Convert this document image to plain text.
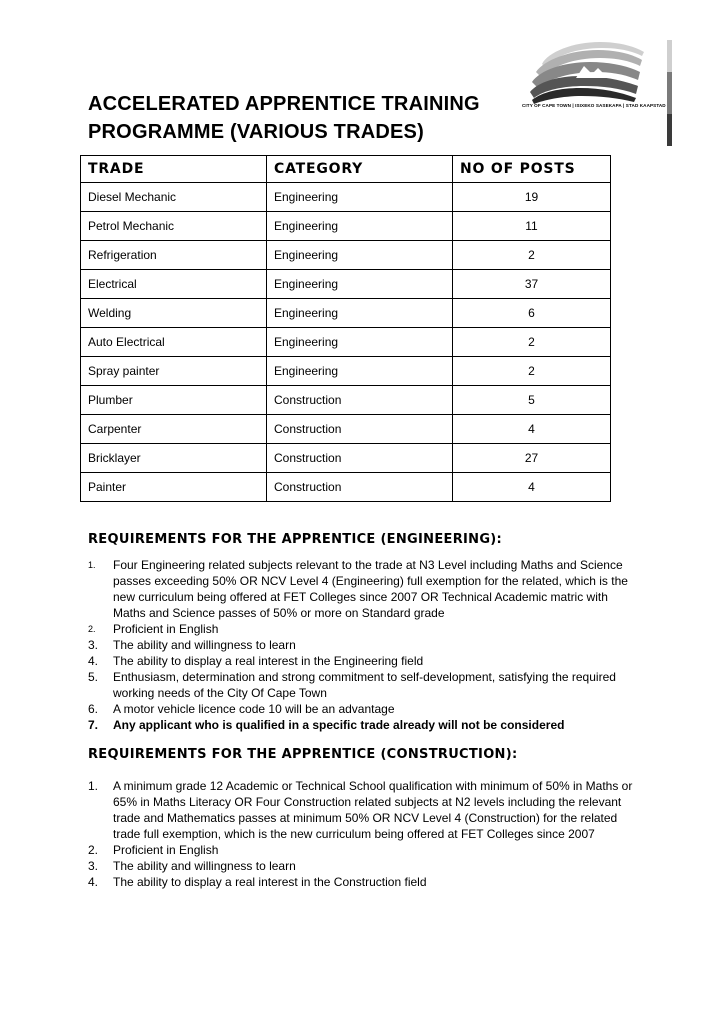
ACCELERATED APPRENTICE TRAINING
PROGRAMME (VARIOUS TRADES)
CITY OF CAPE TOWN | ISIXEKO SASEKAPA | STAD KAAPSTAD
TRADE	CATEGORY	NO OF POSTS
Diesel Mechanic	Engineering	19
Petrol Mechanic	Engineering	11
Refrigeration	Engineering	2
Electrical	Engineering	37
Welding	Engineering	6
Auto Electrical	Engineering	2
Spray painter	Engineering	2
Plumber	Construction	5
Carpenter	Construction	4
Bricklayer	Construction	27
Painter	Construction	4
REQUIREMENTS FOR THE APPRENTICE (ENGINEERING):
1. Four Engineering related subjects relevant to the trade at N3 Level including Maths and Science passes exceeding 50% OR NCV Level 4 (Engineering) full exemption for the related, which is the new curriculum being offered at FET Colleges since 2007 OR Technical Academic matric with Maths and Science passes of 50% or more on Standard grade
2. Proficient in English
3. The ability and willingness to learn
4. The ability to display a real interest in the Engineering field
5. Enthusiasm, determination and strong commitment to self-development, satisfying the required working needs of the City Of Cape Town
6. A motor vehicle licence code 10 will be an advantage
7. Any applicant who is qualified in a specific trade already will not be considered
REQUIREMENTS FOR THE APPRENTICE (CONSTRUCTION):
1. A minimum grade 12 Academic or Technical School qualification with minimum of 50% in Maths or 65% in Maths Literacy OR Four Construction related subjects at N2 levels including the relevant trade and Mathematics passes at minimum 50% OR NCV Level 4 (Construction) for the related trade full exemption, which is the new curriculum being offered at FET Colleges since 2007
2. Proficient in English
3. The ability and willingness to learn
4. The ability to display a real interest in the Construction field
